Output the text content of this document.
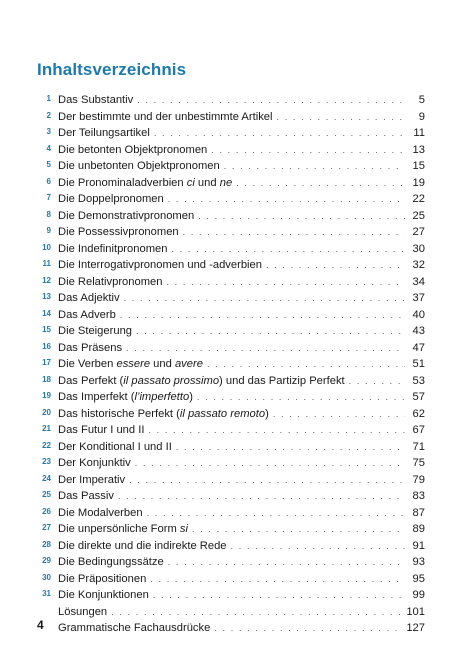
Inhaltsverzeichnis
1 Das Substantiv . . .	5
2 Der bestimmte und der unbestimmte Artikel . . .	9
3 Der Teilungsartikel . . .	11
4 Die betonten Objektpronomen . . .	13
5 Die unbetonten Objektpronomen . . .	15
6 Die Pronominaladverbien ci und ne . . .	19
7 Die Doppelpronomen . . .	22
8 Die Demonstrativpronomen . . .	25
9 Die Possessivpronomen . . .	27
10 Die Indefinitpronomen . . .	30
11 Die Interrogativpronomen und -adverbien . . .	32
12 Die Relativpronomen . . .	34
13 Das Adjektiv . . .	37
14 Das Adverb . . .	40
15 Die Steigerung . . .	43
16 Das Präsens . . .	47
17 Die Verben essere und avere . . .	51
18 Das Perfekt (il passato prossimo) und das Partizip Perfekt . . .	53
19 Das Imperfekt (l’imperfetto) . . .	57
20 Das historische Perfekt (il passato remoto) . . .	62
21 Das Futur I und II . . .	67
22 Der Konditional I und II . . .	71
23 Der Konjunktiv . . .	75
24 Der Imperativ . . .	79
25 Das Passiv . . .	83
26 Die Modalverben . . .	87
27 Die unpersönliche Form si . . .	89
28 Die direkte und die indirekte Rede . . .	91
29 Die Bedingungssätze . . .	93
30 Die Präpositionen . . .	95
31 Die Konjunktionen . . .	99
Lösungen . . .	101
Grammatische Fachausdrücke . . .	127
4
